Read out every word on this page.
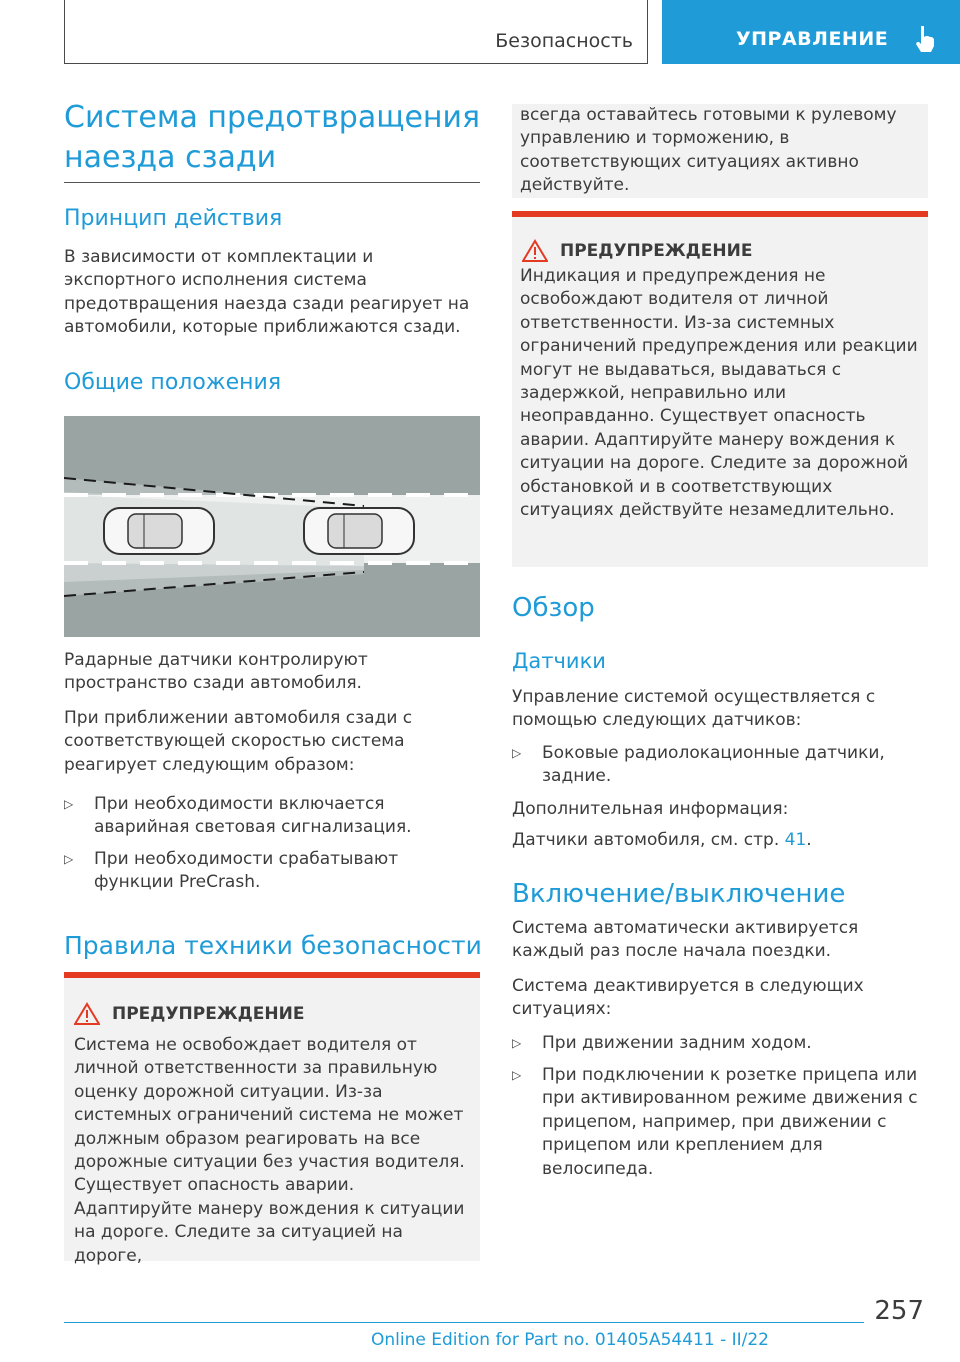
Безопасность	УПРАВЛЕНИЕ
Система предотвращения
наезда сзади
Принцип действия
В зависимости от комплектации и экспортного исполнения система предотвращения наезда сзади реагирует на автомобили, которые приближаются сзади.
Общие положения
Радарные датчики контролируют пространство сзади автомобиля.
При приближении автомобиля сзади с соответствующей скоростью система реагирует следующим образом:
▷ При необходимости включается аварийная световая сигнализация.
▷ При необходимости срабатывают функции PreCrash.
Правила техники безопасности
ПРЕДУПРЕЖДЕНИЕ
Система не освобождает водителя от личной ответственности за правильную оценку дорожной ситуации. Из-за системных ограничений система не может должным образом реагировать на все дорожные ситуации без участия водителя. Существует опасность аварии. Адаптируйте манеру вождения к ситуации на дороге. Следите за ситуацией на дороге,
всегда оставайтесь готовыми к рулевому управлению и торможению, в соответствующих ситуациях активно действуйте.
ПРЕДУПРЕЖДЕНИЕ
Индикация и предупреждения не освобождают водителя от личной ответственности. Из-за системных ограничений предупреждения или реакции могут не выдаваться, выдаваться с задержкой, неправильно или неоправданно. Существует опасность аварии. Адаптируйте манеру вождения к ситуации на дороге. Следите за дорожной обстановкой и в соответствующих ситуациях действуйте незамедлительно.
Обзор
Датчики
Управление системой осуществляется с помощью следующих датчиков:
▷ Боковые радиолокационные датчики, задние.
Дополнительная информация:
Датчики автомобиля, см. стр. 41.
Включение/выключение
Система автоматически активируется каждый раз после начала поездки.
Система деактивируется в следующих ситуациях:
▷ При движении задним ходом.
▷ При подключении к розетке прицепа или при активированном режиме движения с прицепом, например, при движении с прицепом или креплением для велосипеда.
257
Online Edition for Part no. 01405A54411 - II/22
